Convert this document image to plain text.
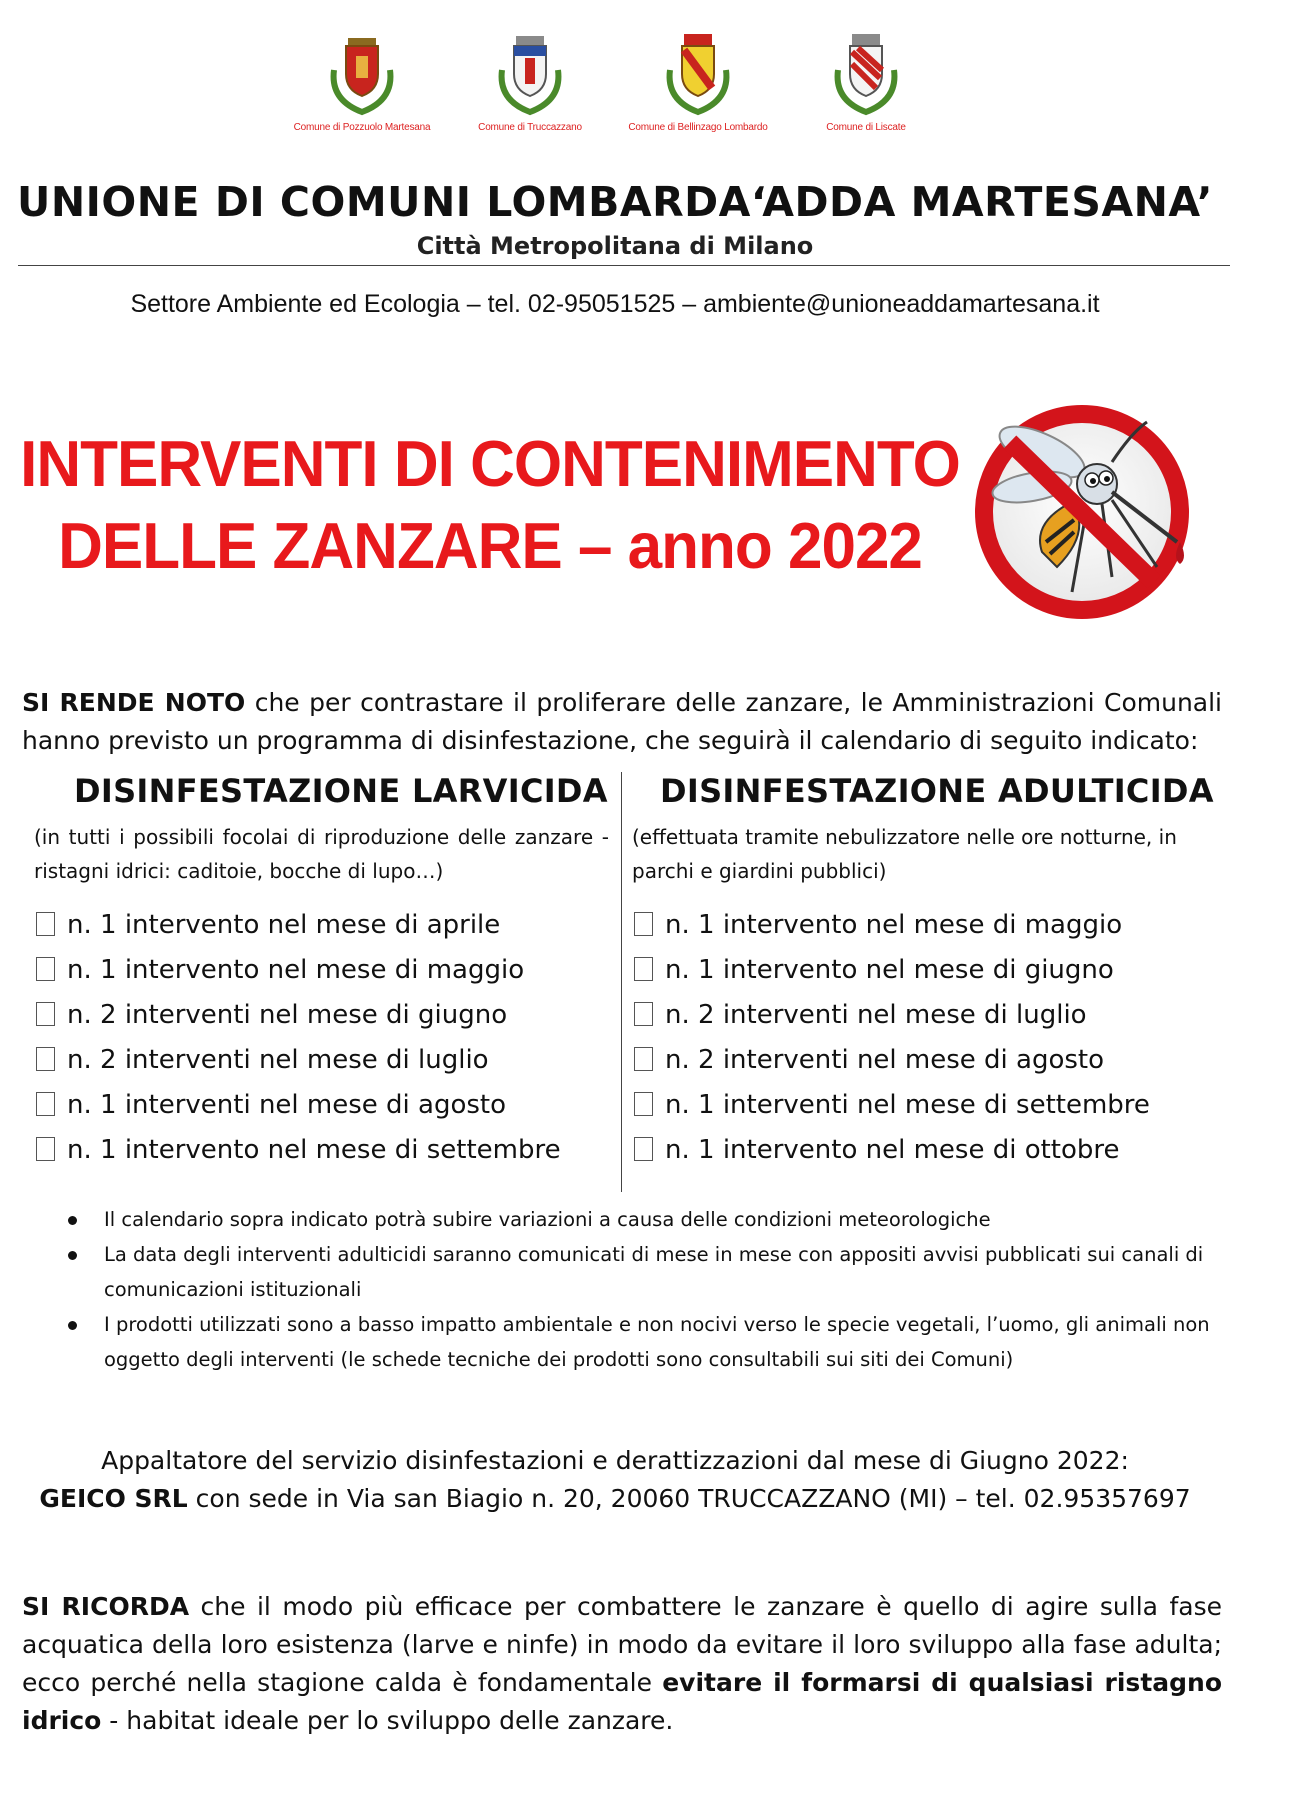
Comune di Pozzuolo Martesana	Comune di Truccazzano	Comune di Bellinzago Lombardo	Comune di Liscate
UNIONE DI COMUNI LOMBARDA‘ADDA MARTESANA’
Città Metropolitana di Milano
Settore Ambiente ed Ecologia – tel. 02-95051525 – ambiente@unioneaddamartesana.it
INTERVENTI DI CONTENIMENTO
DELLE ZANZARE – anno 2022
SI RENDE NOTO che per contrastare il proliferare delle zanzare, le Amministrazioni Comunali hanno previsto un programma di disinfestazione, che seguirà il calendario di seguito indicato:
DISINFESTAZIONE LARVICIDA
(in tutti i possibili focolai di riproduzione delle zanzare - ristagni idrici: caditoie, bocche di lupo…)
n. 1 intervento nel mese di aprile
n. 1 intervento nel mese di maggio
n. 2 interventi nel mese di giugno
n. 2 interventi nel mese di luglio
n. 1 interventi nel mese di agosto
n. 1 intervento nel mese di settembre
DISINFESTAZIONE ADULTICIDA
(effettuata tramite nebulizzatore nelle ore notturne, in parchi e giardini pubblici)
n. 1 intervento nel mese di maggio
n. 1 intervento nel mese di giugno
n. 2 interventi nel mese di luglio
n. 2 interventi nel mese di agosto
n. 1 interventi nel mese di settembre
n. 1 intervento nel mese di ottobre
Il calendario sopra indicato potrà subire variazioni a causa delle condizioni meteorologiche
La data degli interventi adulticidi saranno comunicati di mese in mese con appositi avvisi pubblicati sui canali di comunicazioni istituzionali
I prodotti utilizzati sono a basso impatto ambientale e non nocivi verso le specie vegetali, l’uomo, gli animali non oggetto degli interventi (le schede tecniche dei prodotti sono consultabili sui siti dei Comuni)
Appaltatore del servizio disinfestazioni e derattizzazioni dal mese di Giugno 2022:
GEICO SRL con sede in Via san Biagio n. 20, 20060 TRUCCAZZANO (MI) – tel. 02.95357697
SI RICORDA che il modo più efficace per combattere le zanzare è quello di agire sulla fase acquatica della loro esistenza (larve e ninfe) in modo da evitare il loro sviluppo alla fase adulta; ecco perché nella stagione calda è fondamentale evitare il formarsi di qualsiasi ristagno idrico - habitat ideale per lo sviluppo delle zanzare.
